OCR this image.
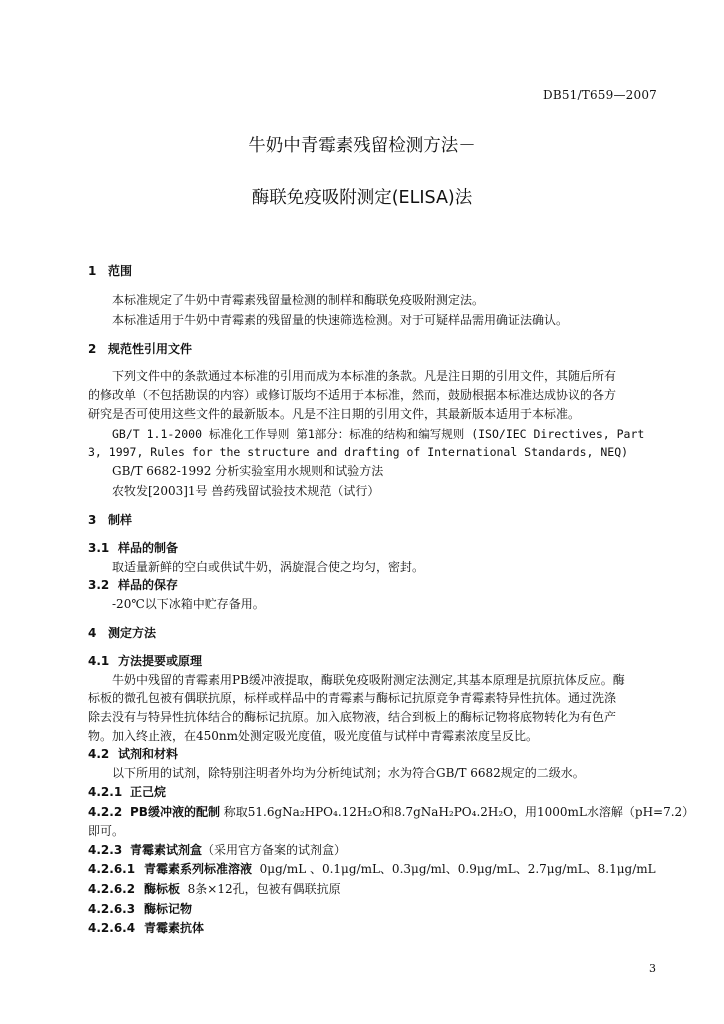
DB51/T659—2007
牛奶中青霉素残留检测方法－
酶联免疫吸附测定(ELISA)法
1 范围
本标准规定了牛奶中青霉素残留量检测的制样和酶联免疫吸附测定法。
本标准适用于牛奶中青霉素的残留量的快速筛选检测。对于可疑样品需用确证法确认。
2 规范性引用文件
下列文件中的条款通过本标准的引用而成为本标准的条款。凡是注日期的引用文件，其随后所有
的修改单（不包括勘误的内容）或修订版均不适用于本标准，然而，鼓励根据本标准达成协议的各方
研究是否可使用这些文件的最新版本。凡是不注日期的引用文件，其最新版本适用于本标准。
GB/T 1.1-2000 标准化工作导则 第1部分：标准的结构和编写规则 (ISO/IEC Directives, Part
3, 1997, Rules for the structure and drafting of International Standards, NEQ)
GB/T 6682-1992 分析实验室用水规则和试验方法
农牧发[2003]1号 兽药残留试验技术规范（试行）
3 制样
3.1 样品的制备
取适量新鲜的空白或供试牛奶，涡旋混合使之均匀，密封。
3.2 样品的保存
-20℃以下冰箱中贮存备用。
4 测定方法
4.1 方法提要或原理
牛奶中残留的青霉素用PB缓冲液提取，酶联免疫吸附测定法测定,其基本原理是抗原抗体反应。酶
标板的微孔包被有偶联抗原，标样或样品中的青霉素与酶标记抗原竞争青霉素特异性抗体。通过洗涤
除去没有与特异性抗体结合的酶标记抗原。加入底物液，结合到板上的酶标记物将底物转化为有色产
物。加入终止液，在450nm处测定吸光度值，吸光度值与试样中青霉素浓度呈反比。
4.2 试剂和材料
以下所用的试剂，除特别注明者外均为分析纯试剂；水为符合GB/T 6682规定的二级水。
4.2.1 正己烷
4.2.2 PB缓冲液的配制 称取51.6gNa₂HPO₄.12H₂O和8.7gNaH₂PO₄.2H₂O，用1000mL水溶解（pH=7.2）
即可。
4.2.3 青霉素试剂盒（采用官方备案的试剂盒）
4.2.6.1 青霉素系列标准溶液 0μg/mL 、0.1μg/mL、0.3μg/ml、0.9μg/mL、2.7μg/mL、8.1μg/mL
4.2.6.2 酶标板 8条×12孔，包被有偶联抗原
4.2.6.3 酶标记物
4.2.6.4 青霉素抗体
3
